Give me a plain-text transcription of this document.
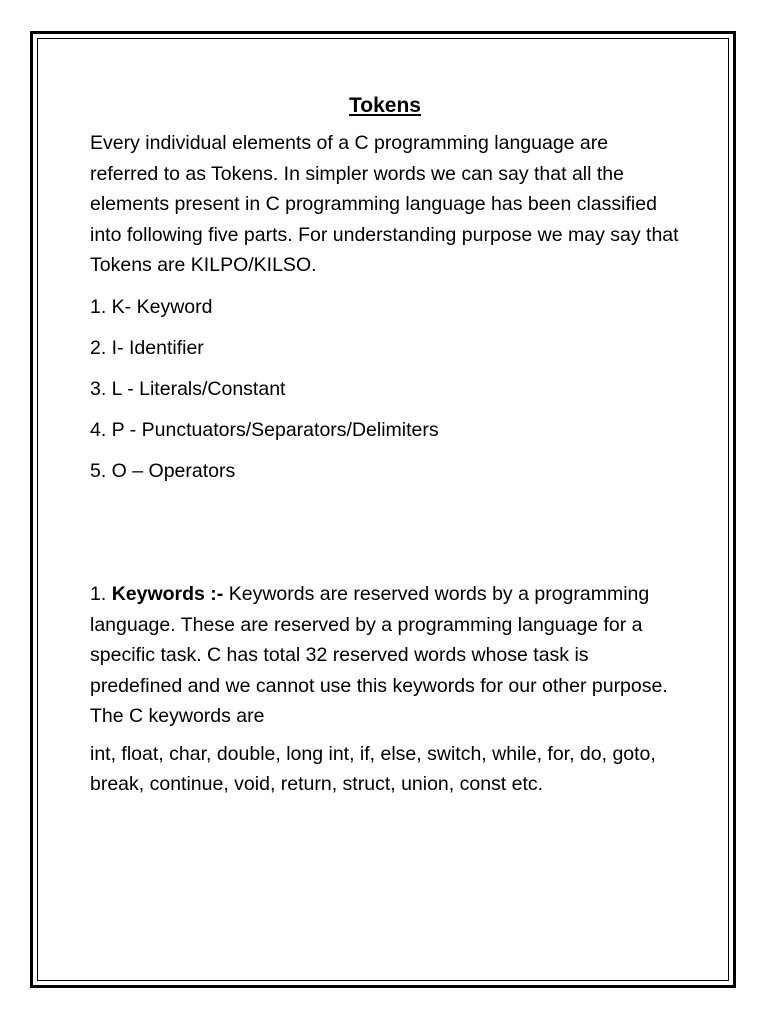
Tokens

Every individual elements of a C programming language are referred to as Tokens. In simpler words we can say that all the elements present in C programming language has been classified into following five parts. For understanding purpose we may say that Tokens are KILPO/KILSO.

1. K- Keyword
2. I- Identifier
3. L - Literals/Constant
4. P - Punctuators/Separators/Delimiters
5. O – Operators

1. Keywords :- Keywords are reserved words by a programming language. These are reserved by a programming language for a specific task. C has total 32 reserved words whose task is predefined and we cannot use this keywords for our other purpose. The C keywords are

int, float, char, double, long int, if, else, switch, while, for, do, goto, break, continue, void, return, struct, union, const etc.
